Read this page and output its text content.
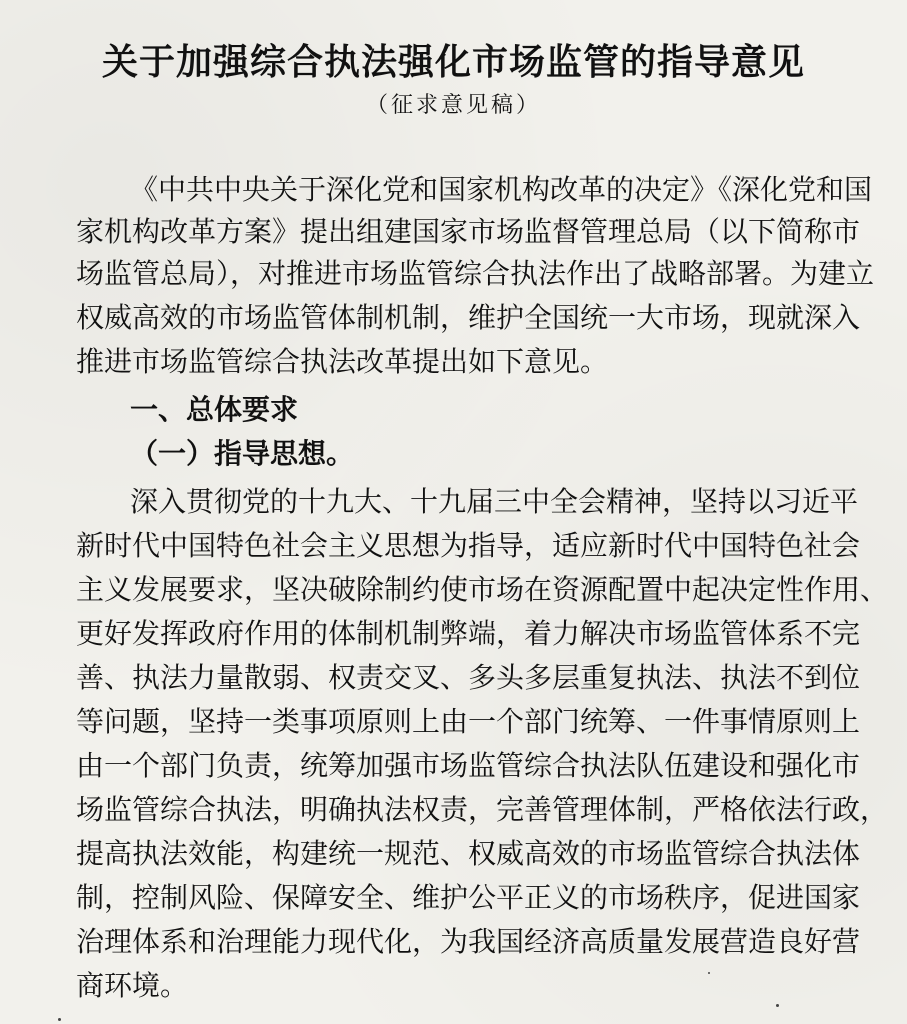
关于加强综合执法强化市场监管的指导意见
（征求意见稿）

《中共中央关于深化党和国家机构改革的决定》《深化党和国

家机构改革方案》提出组建国家市场监督管理总局（以下简称市

场监管总局），对推进市场监管综合执法作出了战略部署。为建立

权威高效的市场监管体制机制，维护全国统一大市场，现就深入

推进市场监管综合执法改革提出如下意见。

一、总体要求

（一）指导思想。

深入贯彻党的十九大、十九届三中全会精神，坚持以习近平

新时代中国特色社会主义思想为指导，适应新时代中国特色社会

主义发展要求，坚决破除制约使市场在资源配置中起决定性作用、

更好发挥政府作用的体制机制弊端，着力解决市场监管体系不完

善、执法力量散弱、权责交叉、多头多层重复执法、执法不到位

等问题，坚持一类事项原则上由一个部门统筹、一件事情原则上

由一个部门负责，统筹加强市场监管综合执法队伍建设和强化市

场监管综合执法，明确执法权责，完善管理体制，严格依法行政，

提高执法效能，构建统一规范、权威高效的市场监管综合执法体

制，控制风险、保障安全、维护公平正义的市场秩序，促进国家

治理体系和治理能力现代化，为我国经济高质量发展营造良好营

商环境。
